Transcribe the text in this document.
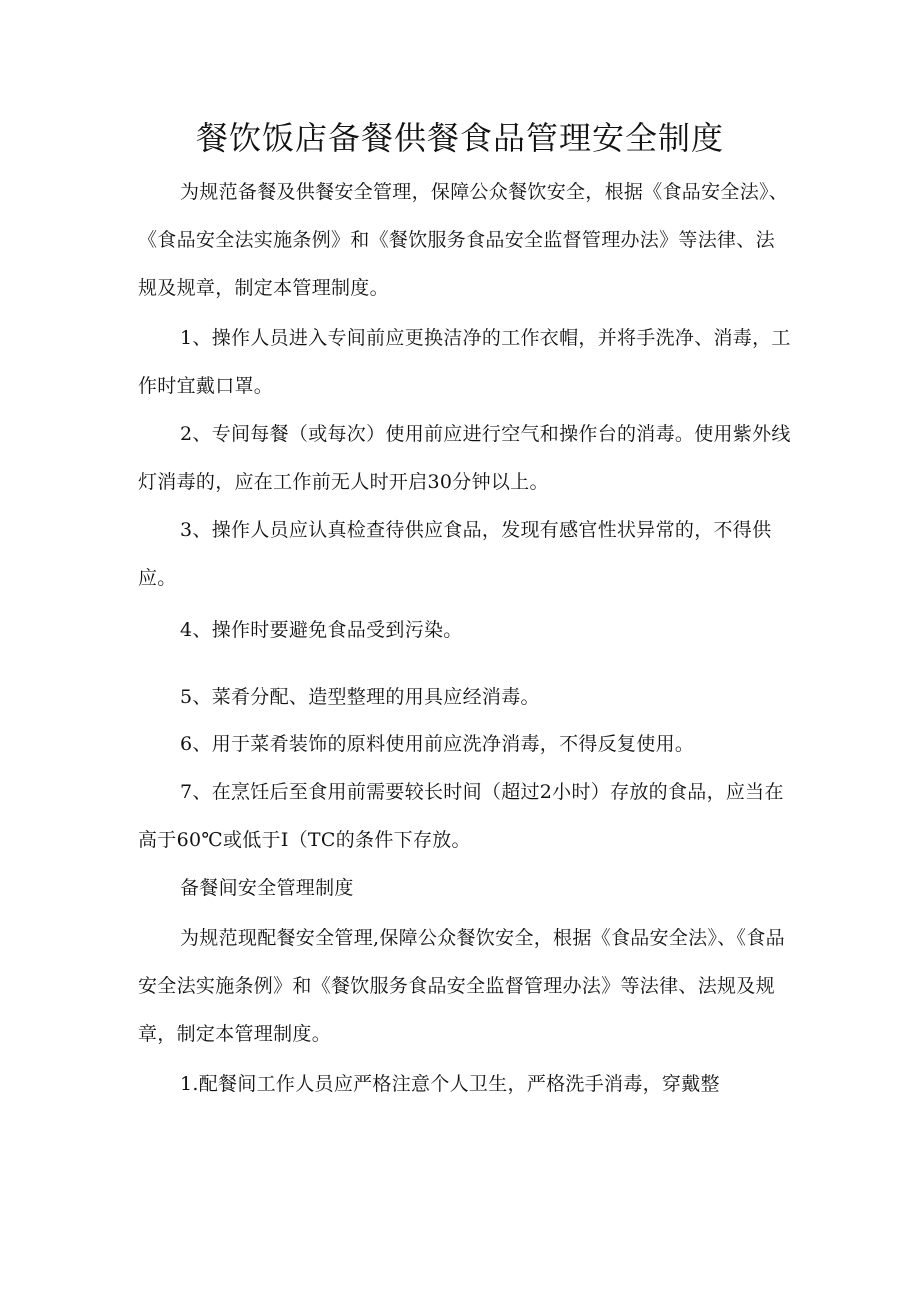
餐饮饭店备餐供餐食品管理安全制度

为规范备餐及供餐安全管理，保障公众餐饮安全，根据《食品安全法》、《食品安全法实施条例》和《餐饮服务食品安全监督管理办法》等法律、法规及规章，制定本管理制度。

1、操作人员进入专间前应更换洁净的工作衣帽，并将手洗净、消毒，工作时宜戴口罩。

2、专间每餐（或每次）使用前应进行空气和操作台的消毒。使用紫外线灯消毒的，应在工作前无人时开启30分钟以上。

3、操作人员应认真检查待供应食品，发现有感官性状异常的，不得供应。

4、操作时要避免食品受到污染。

5、菜肴分配、造型整理的用具应经消毒。

6、用于菜肴装饰的原料使用前应洗净消毒，不得反复使用。

7、在烹饪后至食用前需要较长时间（超过2小时）存放的食品，应当在高于60℃或低于I（TC的条件下存放。

备餐间安全管理制度

为规范现配餐安全管理,保障公众餐饮安全，根据《食品安全法》、《食品安全法实施条例》和《餐饮服务食品安全监督管理办法》等法律、法规及规章，制定本管理制度。

1.配餐间工作人员应严格注意个人卫生，严格洗手消毒，穿戴整
